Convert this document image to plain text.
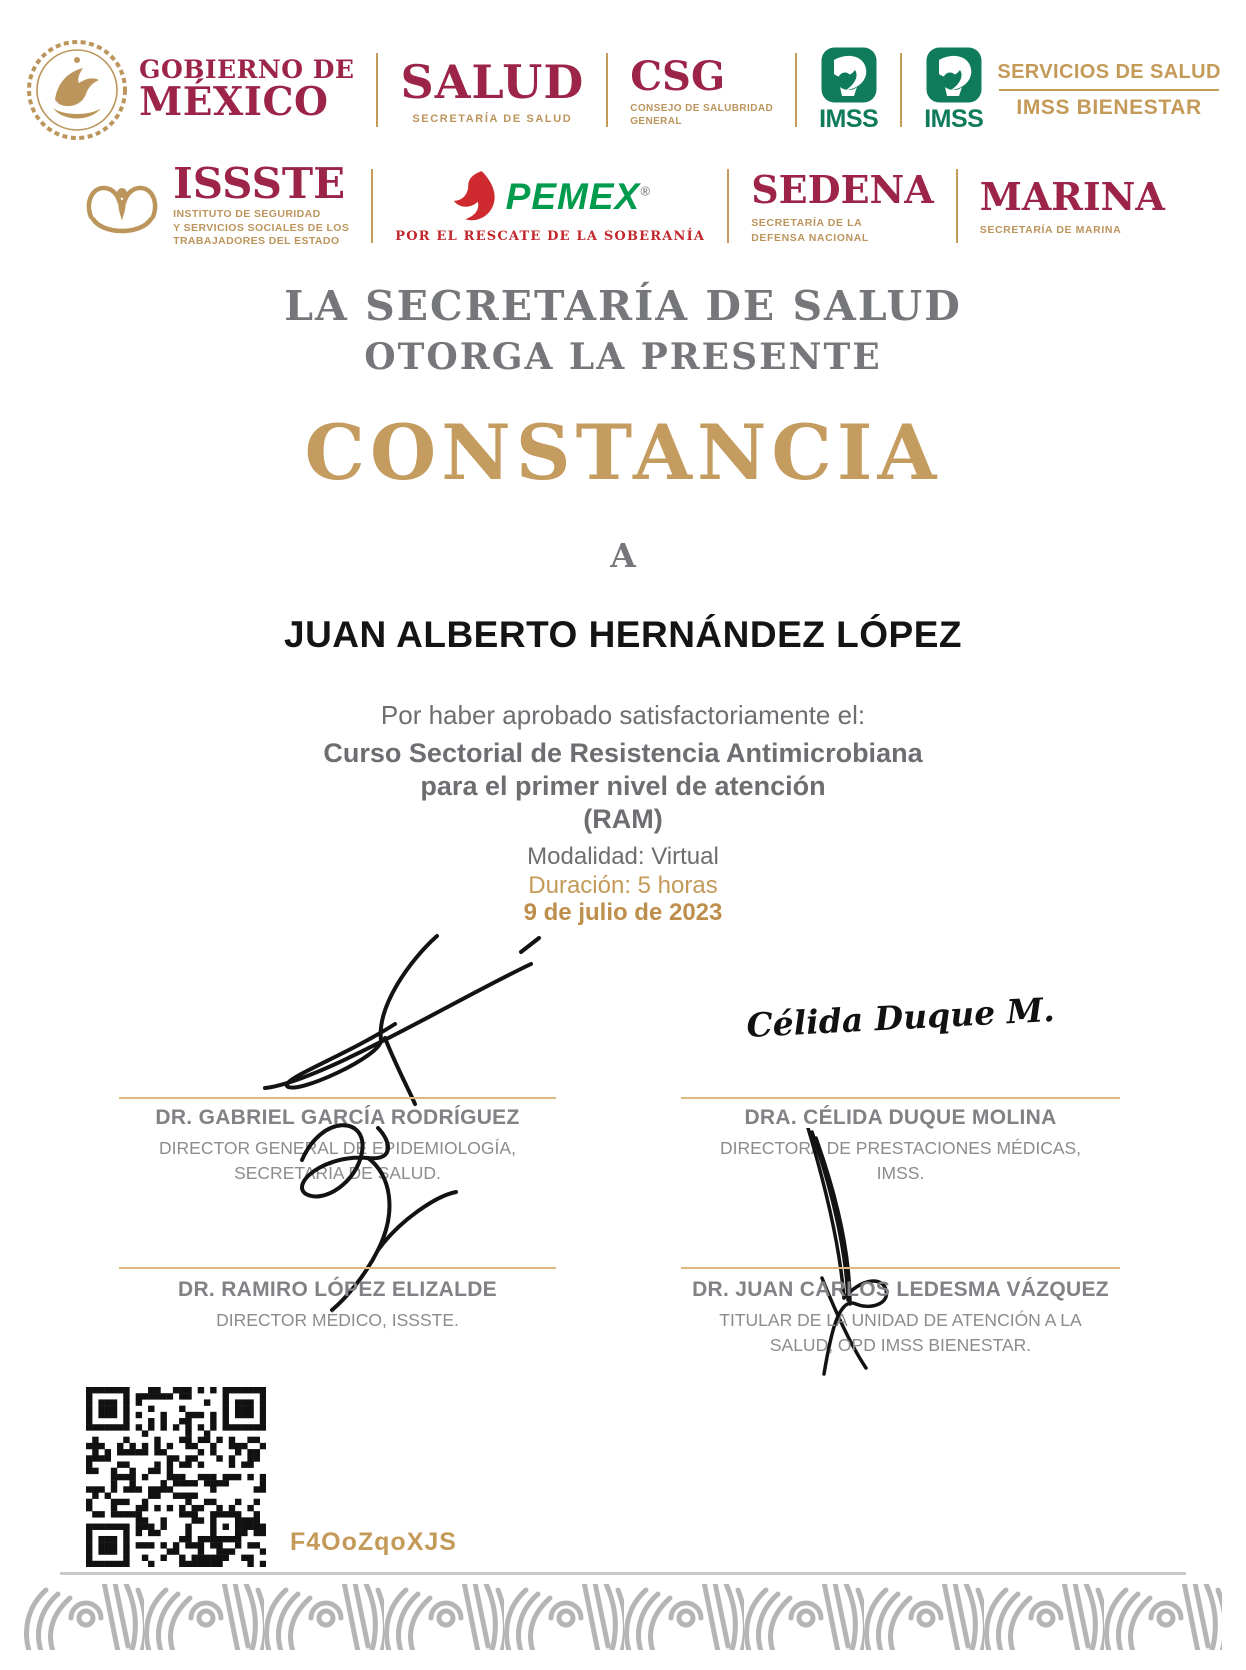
GOBIERNO DE
MÉXICO	SALUD
SECRETARÍA DE SALUD
CSG
CONSEJO DE SALUBRIDAD
GENERAL	IMSS IMSS
SERVICIOS DE SALUD
IMSS BIENESTAR
ISSSTE
INSTITUTO DE SEGURIDAD
Y SERVICIOS SOCIALES DE LOS
TRABAJADORES DEL ESTADO
PEMEX®
POR EL RESCATE DE LA SOBERANÍA
SEDENA
SECRETARÍA DE LA
DEFENSA NACIONAL
MARINA
SECRETARÍA DE MARINA
LA SECRETARÍA DE SALUD
OTORGA LA PRESENTE
CONSTANCIA
A
JUAN ALBERTO HERNÁNDEZ LÓPEZ
Por haber aprobado satisfactoriamente el:
Curso Sectorial de Resistencia Antimicrobiana
para el primer nivel de atención
(RAM)
Modalidad: Virtual
Duración: 5 horas
9 de julio de 2023
DR. GABRIEL GARCÍA RODRÍGUEZ
DIRECTOR GENERAL DE EPIDEMIOLOGÍA,
SECRETARÍA DE SALUD.
Célida Duque M.
DRA. CÉLIDA DUQUE MOLINA
DIRECTORA DE PRESTACIONES MÉDICAS,
IMSS.
DR. RAMIRO LÓPEZ ELIZALDE
DIRECTOR MÉDICO, ISSSTE.
DR. JUAN CARLOS LEDESMA VÁZQUEZ
TITULAR DE LA UNIDAD DE ATENCIÓN A LA
SALUD, OPD IMSS BIENESTAR.
F4OoZqoXJS
